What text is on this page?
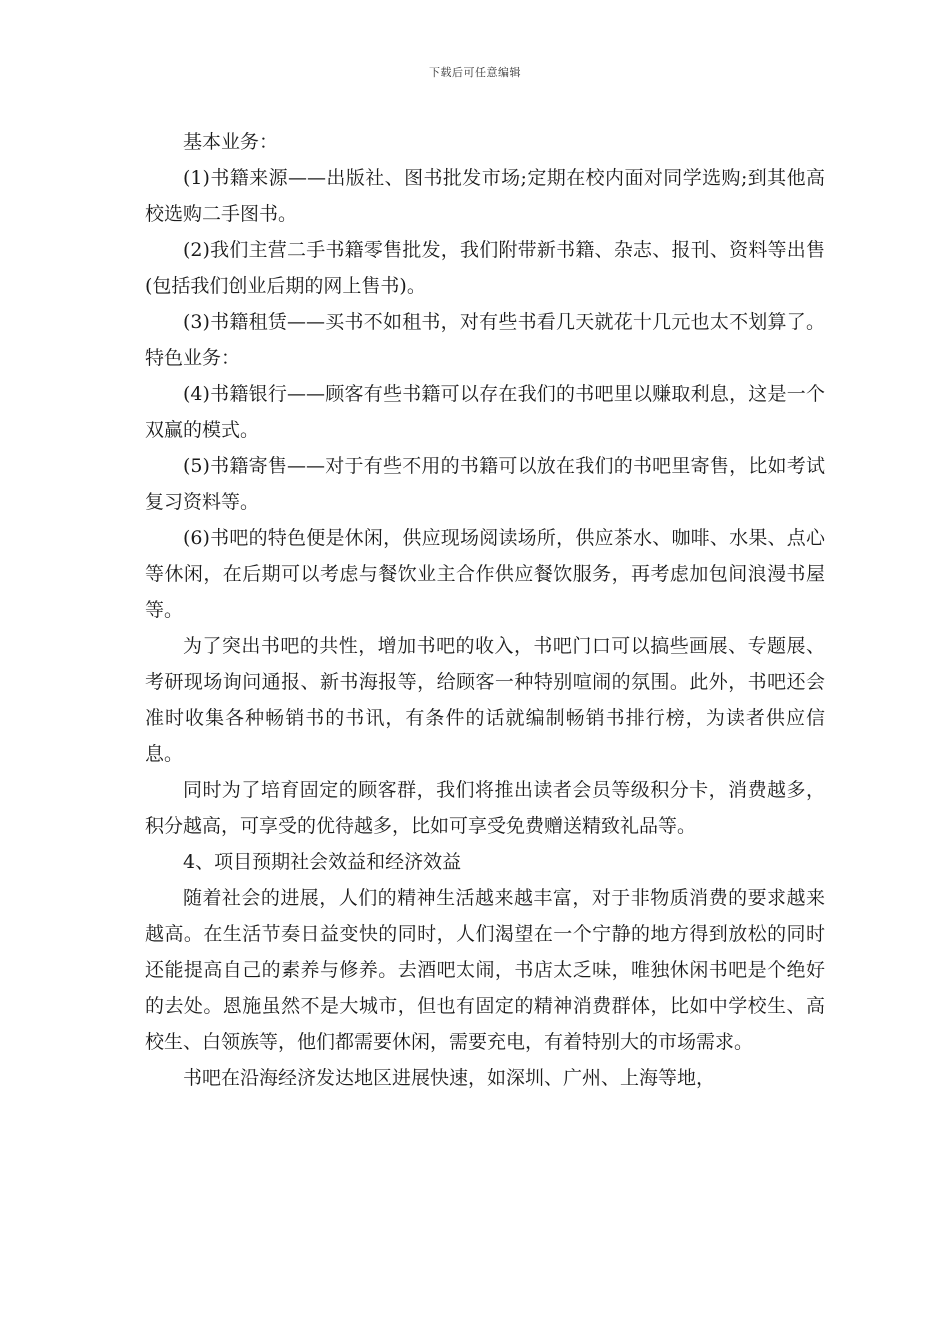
下载后可任意编辑

基本业务：

(1)书籍来源——出版社、图书批发市场;定期在校内面对同学选购;到其他高校选购二手图书。

(2)我们主营二手书籍零售批发，我们附带新书籍、杂志、报刊、资料等出售(包括我们创业后期的网上售书)。

(3)书籍租赁——买书不如租书，对有些书看几天就花十几元也太不划算了。特色业务：

(4)书籍银行——顾客有些书籍可以存在我们的书吧里以赚取利息，这是一个双赢的模式。

(5)书籍寄售——对于有些不用的书籍可以放在我们的书吧里寄售，比如考试复习资料等。

(6)书吧的特色便是休闲，供应现场阅读场所，供应茶水、咖啡、水果、点心等休闲，在后期可以考虑与餐饮业主合作供应餐饮服务，再考虑加包间浪漫书屋等。

为了突出书吧的共性，增加书吧的收入，书吧门口可以搞些画展、专题展、考研现场询问通报、新书海报等，给顾客一种特别喧闹的氛围。此外，书吧还会准时收集各种畅销书的书讯，有条件的话就编制畅销书排行榜，为读者供应信息。

同时为了培育固定的顾客群，我们将推出读者会员等级积分卡，消费越多，积分越高，可享受的优待越多，比如可享受免费赠送精致礼品等。

4、项目预期社会效益和经济效益

随着社会的进展，人们的精神生活越来越丰富，对于非物质消费的要求越来越高。在生活节奏日益变快的同时，人们渴望在一个宁静的地方得到放松的同时还能提高自己的素养与修养。去酒吧太闹，书店太乏味，唯独休闲书吧是个绝好的去处。恩施虽然不是大城市，但也有固定的精神消费群体，比如中学校生、高校生、白领族等，他们都需要休闲，需要充电，有着特别大的市场需求。

书吧在沿海经济发达地区进展快速，如深圳、广州、上海等地，
